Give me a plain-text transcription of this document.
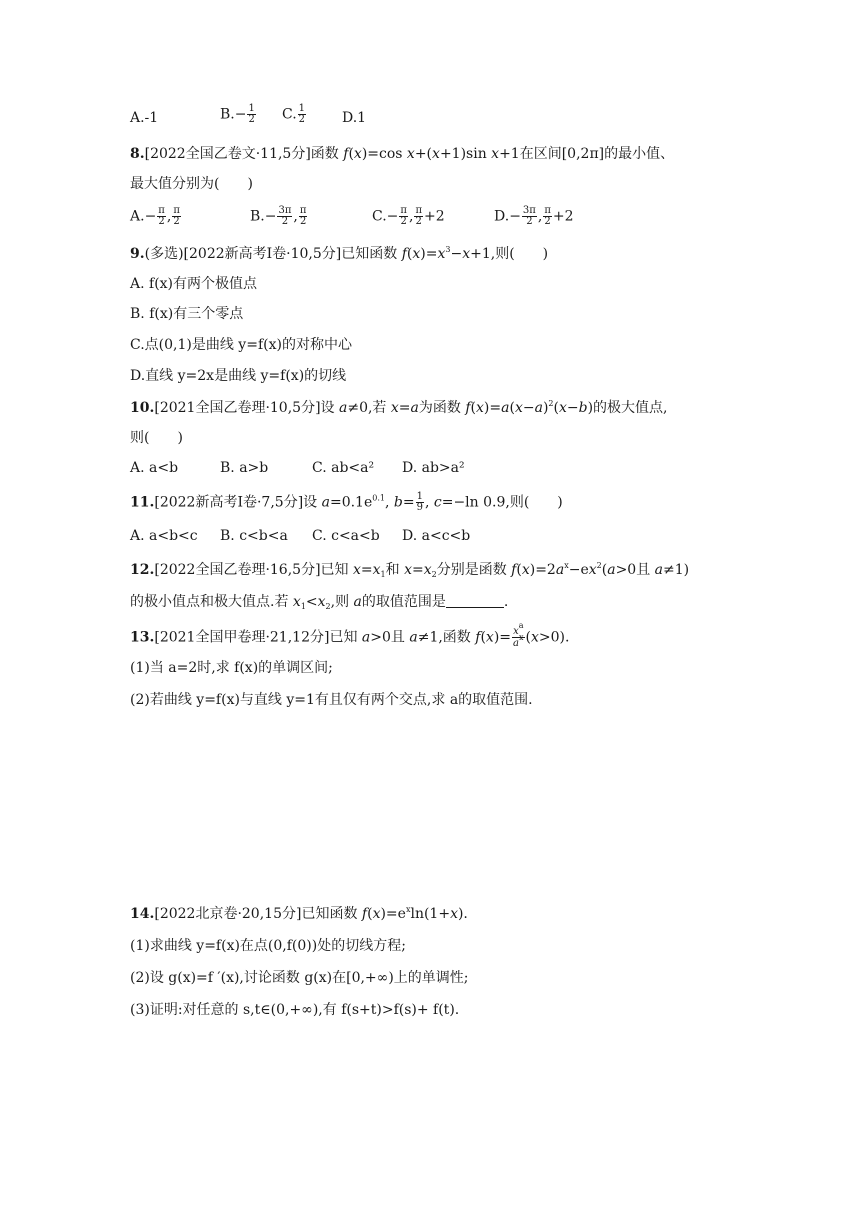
A.-1	$B.- \frac{1}{2} C$. $\frac{1}{2}$	D.1
8.[2022全国乙卷文·11,5分]函数 f(x)=cos x+(x+1)sin x+1在区间[0,2π]的最小值、
最大值分别为(　　)
$A.- \frac{\pi}{2}$ , $\frac{\pi}{2}$	$B.- \frac{3\pi}{2}$ , $\frac{\pi}{2}$	$C.- \frac{\pi}{2}$ , $\frac{\pi}{2} +2$	$D.- \frac{3\pi}{2}$ , $\frac{\pi}{2} +2$
9.(多选)[2022新高考Ⅰ卷·10,5分]已知函数 $f(x)=x^3-x+1$,则(　　)
A. f(x)有两个极值点
B. f(x)有三个零点
C.点(0,1)是曲线 y=f(x)的对称中心
D.直线 y=2x是曲线 y=f(x)的切线
10.[2021全国乙卷理·10,5分]设 a≠0,若 x=a为函数 $f(x)=a(x-a)^2(x-b)$的极大值点,
则(　　)
A. a<b	B. a>b	C. ab<a² D. ab>a²
11.[2022新高考Ⅰ卷·7,5分]设 $a=0.1e^{0.1}$, $b= \frac{1}{9}$ , c=−ln 0.9,则(　　)
A. a<b<c B. c<b<a C. c<a<b D. a<c<b
12.[2022全国乙卷理·16,5分]已知 $x=x_1$和 $x=x_2$分别是函数 $f(x)=2a^x-ex^2(a>0$且 a≠1)
的极小值点和极大值点.若 $x_1<x_2$,则 a的取值范围是	.
13.[2021全国甲卷理·21,12分]已知 a>0且 a≠1,函数 $f(x)= \frac{x^a}{a^x} (x>0)$.
(1)当 a=2时,求 f(x)的单调区间;
(2)若曲线 y=f(x)与直线 y=1有且仅有两个交点,求 a的取值范围.
14.[2022北京卷·20,15分]已知函数 $f(x)=e^x\ln(1+x)$.
(1)求曲线 y=f(x)在点(0,f(0))处的切线方程;
(2)设 g(x)=f ′(x),讨论函数 g(x)在[0,+∞)上的单调性;
(3)证明:对任意的 s,t∈(0,+∞),有 f(s+t)>f(s)+ f(t).
